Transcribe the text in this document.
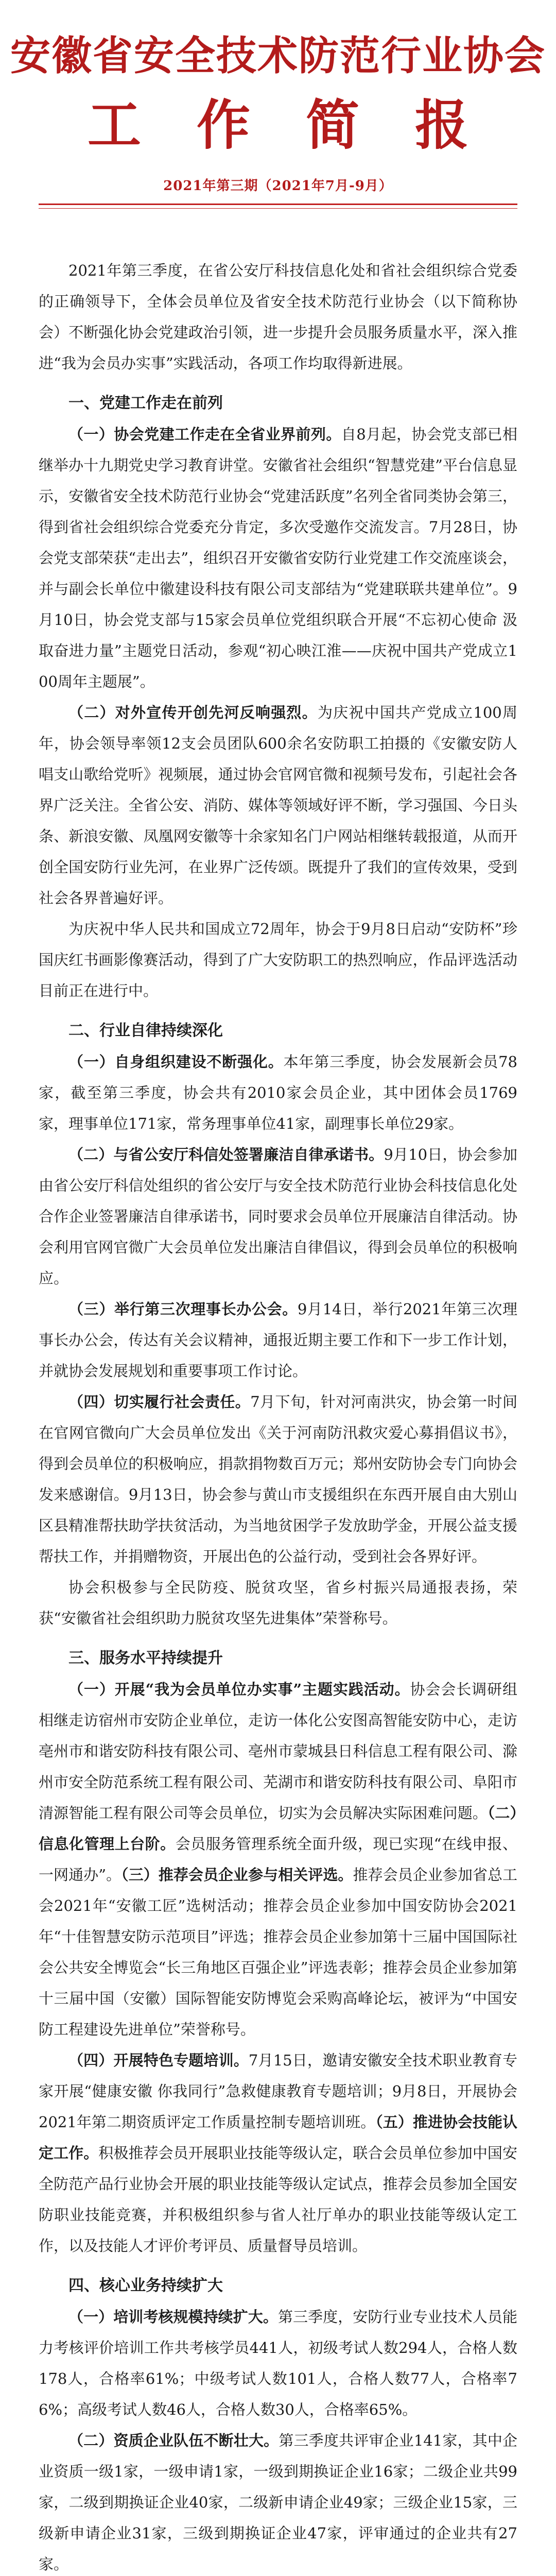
安徽省安全技术防范行业协会
工作简报
2021年第三期（2021年7月-9月）

2021年第三季度，在省公安厅科技信息化处和省社会组织综合党委的正确领导下，全体会员单位及省安全技术防范行业协会（以下简称协会）不断强化协会党建政治引领，进一步提升会员服务质量水平，深入推进“我为会员办实事”实践活动，各项工作均取得新进展。

一、党建工作走在前列

（一）协会党建工作走在全省业界前列。自8月起，协会党支部已相继举办十九期党史学习教育讲堂。安徽省社会组织“智慧党建”平台信息显示，安徽省安全技术防范行业协会“党建活跃度”名列全省同类协会第三，得到省社会组织综合党委充分肯定，多次受邀作交流发言。7月28日，协会党支部荣获“走出去”，组织召开安徽省安防行业党建工作交流座谈会，并与副会长单位中徽建设科技有限公司支部结为“党建联联共建单位”。9月10日，协会党支部与15家会员单位党组织联合开展“不忘初心使命 汲取奋进力量”主题党日活动，参观“初心映江淮——庆祝中国共产党成立100周年主题展”。

（二）对外宣传开创先河反响强烈。为庆祝中国共产党成立100周年，协会领导率领12支会员团队600余名安防职工拍摄的《安徽安防人唱支山歌给党听》视频展，通过协会官网官微和视频号发布，引起社会各界广泛关注。全省公安、消防、媒体等领域好评不断，学习强国、今日头条、新浪安徽、凤凰网安徽等十余家知名门户网站相继转载报道，从而开创全国安防行业先河，在业界广泛传颂。既提升了我们的宣传效果，受到社会各界普遍好评。

为庆祝中华人民共和国成立72周年，协会于9月8日启动“安防杯”珍国庆红书画影像赛活动，得到了广大安防职工的热烈响应，作品评选活动目前正在进行中。

二、行业自律持续深化

（一）自身组织建设不断强化。本年第三季度，协会发展新会员78家，截至第三季度，协会共有2010家会员企业，其中团体会员1769家，理事单位171家，常务理事单位41家，副理事长单位29家。

（二）与省公安厅科信处签署廉洁自律承诺书。9月10日，协会参加由省公安厅科信处组织的省公安厅与安全技术防范行业协会科技信息化处合作企业签署廉洁自律承诺书，同时要求会员单位开展廉洁自律活动。协会利用官网官微广大会员单位发出廉洁自律倡议，得到会员单位的积极响应。

（三）举行第三次理事长办公会。9月14日，举行2021年第三次理事长办公会，传达有关会议精神，通报近期主要工作和下一步工作计划，并就协会发展规划和重要事项工作讨论。

（四）切实履行社会责任。7月下旬，针对河南洪灾，协会第一时间在官网官微向广大会员单位发出《关于河南防汛救灾爱心募捐倡议书》，得到会员单位的积极响应，捐款捐物数百万元；郑州安防协会专门向协会发来感谢信。9月13日，协会参与黄山市支援组织在东西开展自由大别山区县精准帮扶助学扶贫活动，为当地贫困学子发放助学金，开展公益支援帮扶工作，并捐赠物资，开展出色的公益行动，受到社会各界好评。

协会积极参与全民防疫、脱贫攻坚，省乡村振兴局通报表扬，荣获“安徽省社会组织助力脱贫攻坚先进集体”荣誉称号。

三、服务水平持续提升

（一）开展“我为会员单位办实事”主题实践活动。协会会长调研组相继走访宿州市安防企业单位，走访一体化公安图高智能安防中心，走访亳州市和谐安防科技有限公司、亳州市蒙城县日科信息工程有限公司、滁州市安全防范系统工程有限公司、芜湖市和谐安防科技有限公司、阜阳市清源智能工程有限公司等会员单位，切实为会员解决实际困难问题。（二）信息化管理上台阶。会员服务管理系统全面升级，现已实现“在线申报、一网通办”。（三）推荐会员企业参与相关评选。推荐会员企业参加省总工会2021年“安徽工匠”选树活动；推荐会员企业参加中国安防协会2021年“十佳智慧安防示范项目”评选；推荐会员企业参加第十三届中国国际社会公共安全博览会“长三角地区百强企业”评选表彰；推荐会员企业参加第十三届中国（安徽）国际智能安防博览会采购高峰论坛，被评为“中国安防工程建设先进单位”荣誉称号。

（四）开展特色专题培训。7月15日，邀请安徽安全技术职业教育专家开展“健康安徽 你我同行”急救健康教育专题培训；9月8日，开展协会2021年第二期资质评定工作质量控制专题培训班。（五）推进协会技能认定工作。积极推荐会员开展职业技能等级认定，联合会员单位参加中国安全防范产品行业协会开展的职业技能等级认定试点，推荐会员参加全国安防职业技能竞赛，并积极组织参与省人社厅单办的职业技能等级认定工作，以及技能人才评价考评员、质量督导员培训。

四、核心业务持续扩大

（一）培训考核规模持续扩大。第三季度，安防行业专业技术人员能力考核评价培训工作共考核学员441人，初级考试人数294人，合格人数178人，合格率61%；中级考试人数101人，合格人数77人，合格率76%；高级考试人数46人，合格人数30人，合格率65%。

（二）资质企业队伍不断壮大。第三季度共评审企业141家，其中企业资质一级1家，一级申请1家，一级到期换证企业16家；二级企业共99家，二级到期换证企业40家，二级新申请企业49家；三级企业15家，三级新申请企业31家，三级到期换证企业47家，评审通过的企业共有27家。
